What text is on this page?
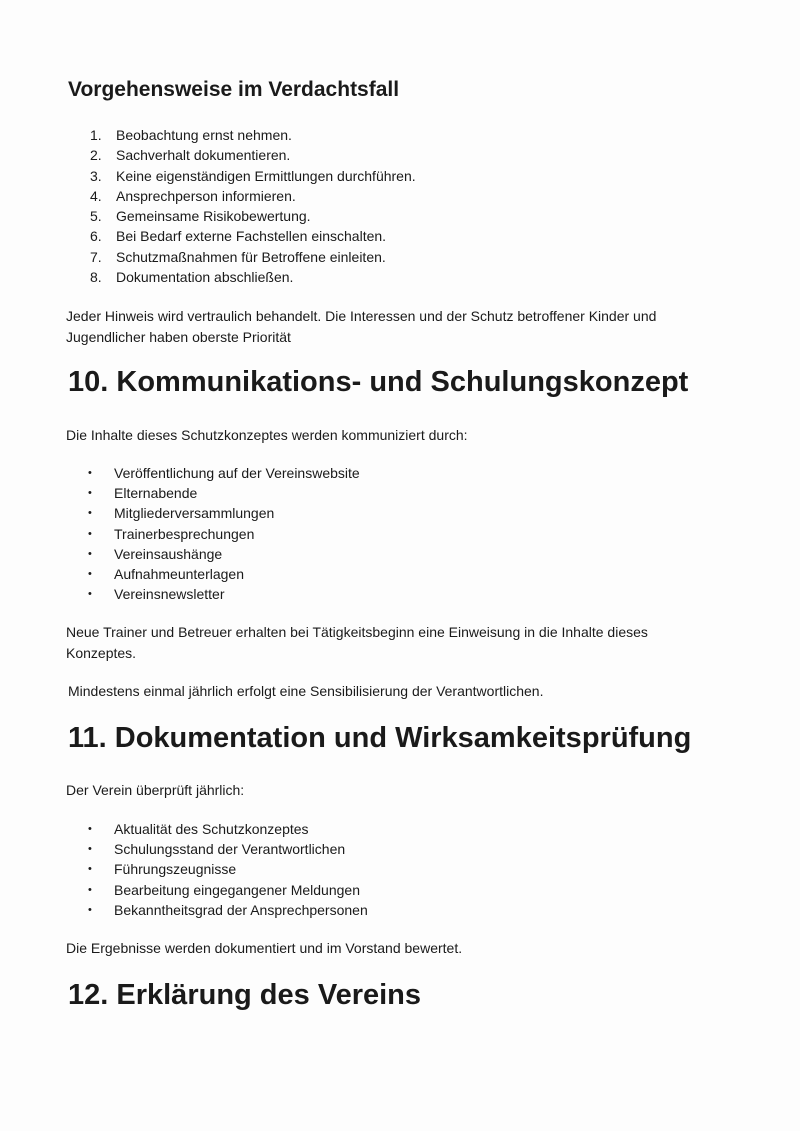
Vorgehensweise im Verdachtsfall
1. Beobachtung ernst nehmen.
2. Sachverhalt dokumentieren.
3. Keine eigenständigen Ermittlungen durchführen.
4. Ansprechperson informieren.
5. Gemeinsame Risikobewertung.
6. Bei Bedarf externe Fachstellen einschalten.
7. Schutzmaßnahmen für Betroffene einleiten.
8. Dokumentation abschließen.

Jeder Hinweis wird vertraulich behandelt. Die Interessen und der Schutz betroffener Kinder und Jugendlicher haben oberste Priorität

10. Kommunikations- und Schulungskonzept

Die Inhalte dieses Schutzkonzeptes werden kommuniziert durch:

• Veröffentlichung auf der Vereinswebsite
• Elternabende
• Mitgliederversammlungen
• Trainerbesprechungen
• Vereinsaushänge
• Aufnahmeunterlagen
• Vereinsnewsletter

Neue Trainer und Betreuer erhalten bei Tätigkeitsbeginn eine Einweisung in die Inhalte dieses Konzeptes.

Mindestens einmal jährlich erfolgt eine Sensibilisierung der Verantwortlichen.

11. Dokumentation und Wirksamkeitsprüfung

Der Verein überprüft jährlich:

• Aktualität des Schutzkonzeptes
• Schulungsstand der Verantwortlichen
• Führungszeugnisse
• Bearbeitung eingegangener Meldungen
• Bekanntheitsgrad der Ansprechpersonen

Die Ergebnisse werden dokumentiert und im Vorstand bewertet.

12. Erklärung des Vereins
